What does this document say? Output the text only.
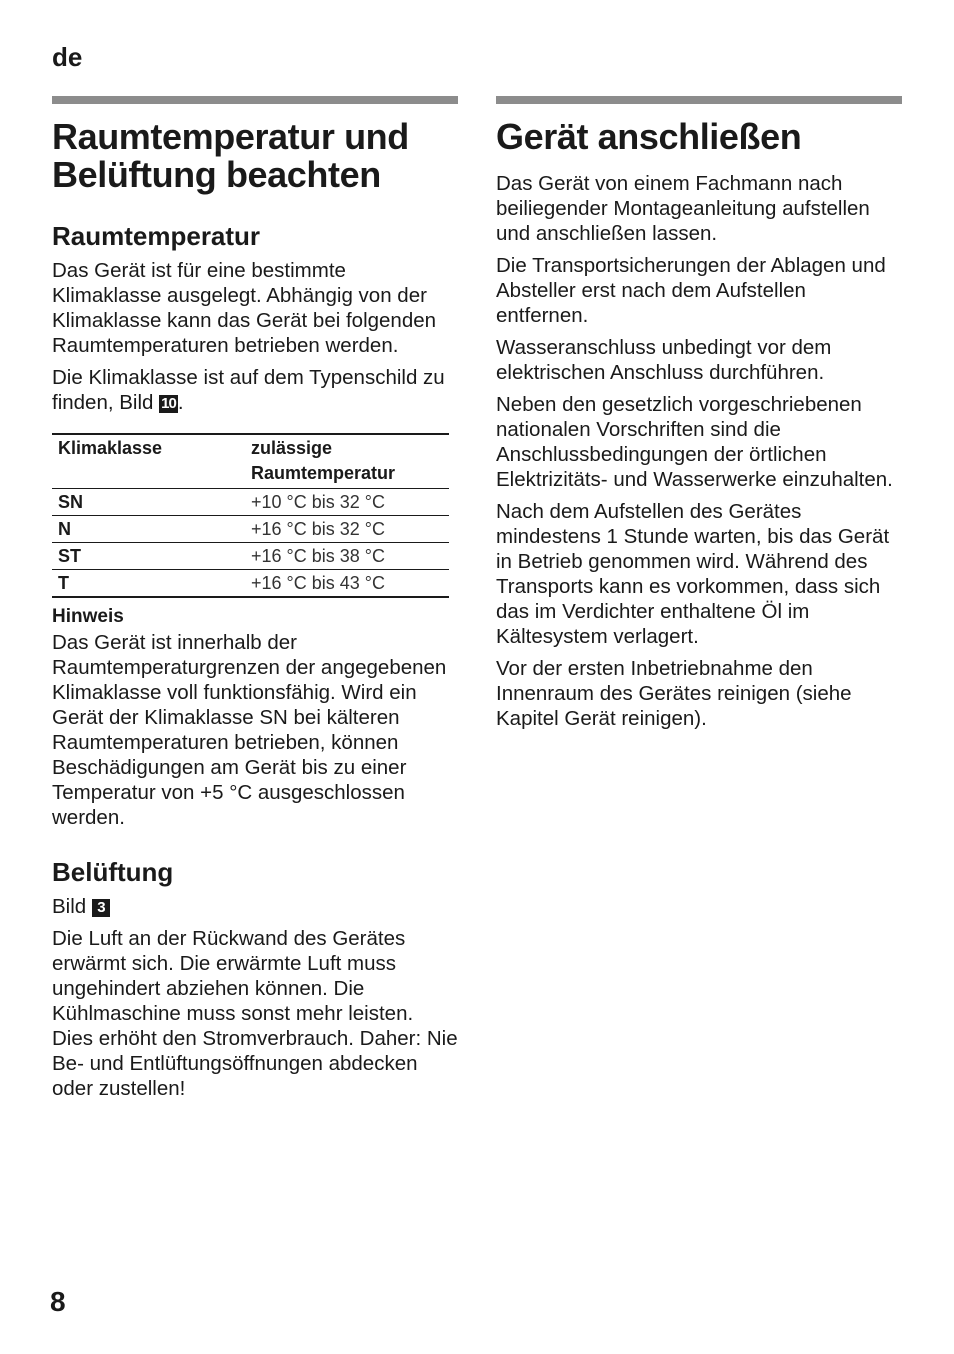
de
Raumtemperatur und Belüftung beachten
Raumtemperatur

Das Gerät ist für eine bestimmte Klimaklasse ausgelegt. Abhängig von der Klimaklasse kann das Gerät bei folgenden Raumtemperaturen betrieben werden.

Die Klimaklasse ist auf dem Typenschild zu finden, Bild 10.

Klimaklasse	zulässige Raumtemperatur
SN	+10 °C bis 32 °C
N	+16 °C bis 32 °C
ST	+16 °C bis 38 °C
T	+16 °C bis 43 °C
Hinweis

Das Gerät ist innerhalb der Raumtemperaturgrenzen der angegebenen Klimaklasse voll funktionsfähig. Wird ein Gerät der Klimaklasse SN bei kälteren Raumtemperaturen betrieben, können Beschädigungen am Gerät bis zu einer Temperatur von +5 °C ausgeschlossen werden.

Belüftung

Bild 3

Die Luft an der Rückwand des Gerätes erwärmt sich. Die erwärmte Luft muss ungehindert abziehen können. Die Kühlmaschine muss sonst mehr leisten. Dies erhöht den Stromverbrauch. Daher: Nie Be- und Entlüftungsöffnungen abdecken oder zustellen!

Gerät anschließen

Das Gerät von einem Fachmann nach beiliegender Montageanleitung aufstellen und anschließen lassen.

Die Transportsicherungen der Ablagen und Absteller erst nach dem Aufstellen entfernen.

Wasseranschluss unbedingt vor dem elektrischen Anschluss durchführen.

Neben den gesetzlich vorgeschriebenen nationalen Vorschriften sind die Anschlussbedingungen der örtlichen Elektrizitäts- und Wasserwerke einzuhalten.

Nach dem Aufstellen des Gerätes mindestens 1 Stunde warten, bis das Gerät in Betrieb genommen wird. Während des Transports kann es vorkommen, dass sich das im Verdichter enthaltene Öl im Kältesystem verlagert.

Vor der ersten Inbetriebnahme den Innenraum des Gerätes reinigen (siehe Kapitel Gerät reinigen).

8
